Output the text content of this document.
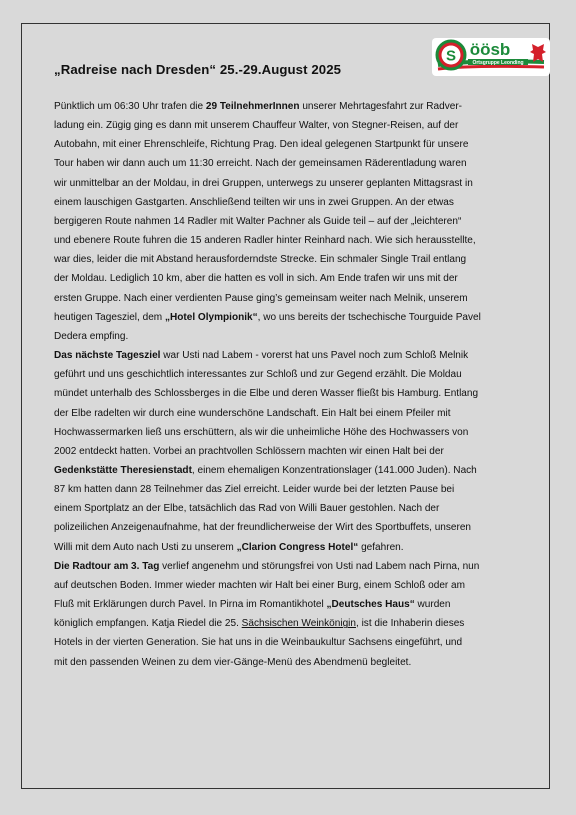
S öösb
Ortsgruppe Leonding
„Radreise nach Dresden“ 25.-29.August 2025

Pünktlich um 06:30 Uhr trafen die 29 TeilnehmerInnen unserer Mehrtagesfahrt zur Radver-
ladung ein. Zügig ging es dann mit unserem Chauffeur Walter, von Stegner-Reisen, auf der
Autobahn, mit einer Ehrenschleife, Richtung Prag. Den ideal gelegenen Startpunkt für unsere
Tour haben wir dann auch um 11:30 erreicht. Nach der gemeinsamen Räderentladung waren
wir unmittelbar an der Moldau, in drei Gruppen, unterwegs zu unserer geplanten Mittagsrast in
einem lauschigen Gastgarten. Anschließend teilten wir uns in zwei Gruppen. An der etwas
bergigeren Route nahmen 14 Radler mit Walter Pachner als Guide teil – auf der „leichteren“
und ebenere Route fuhren die 15 anderen Radler hinter Reinhard nach. Wie sich herausstellte,
war dies, leider die mit Abstand herausforderndste Strecke. Ein schmaler Single Trail entlang
der Moldau. Lediglich 10 km, aber die hatten es voll in sich. Am Ende trafen wir uns mit der
ersten Gruppe. Nach einer verdienten Pause ging’s gemeinsam weiter nach Melnik, unserem
heutigen Tagesziel, dem „Hotel Olympionik“, wo uns bereits der tschechische Tourguide Pavel
Dedera empfing.

Das nächste Tagesziel war Usti nad Labem - vorerst hat uns Pavel noch zum Schloß Melnik
geführt und uns geschichtlich interessantes zur Schloß und zur Gegend erzählt. Die Moldau
mündet unterhalb des Schlossberges in die Elbe und deren Wasser fließt bis Hamburg. Entlang
der Elbe radelten wir durch eine wunderschöne Landschaft. Ein Halt bei einem Pfeiler mit
Hochwassermarken ließ uns erschüttern, als wir die unheimliche Höhe des Hochwassers von
2002 entdeckt hatten. Vorbei an prachtvollen Schlössern machten wir einen Halt bei der
Gedenkstätte Theresienstadt, einem ehemaligen Konzentrationslager (141.000 Juden). Nach
87 km hatten dann 28 Teilnehmer das Ziel erreicht. Leider wurde bei der letzten Pause bei
einem Sportplatz an der Elbe, tatsächlich das Rad von Willi Bauer gestohlen. Nach der
polizeilichen Anzeigenaufnahme, hat der freundlicherweise der Wirt des Sportbuffets, unseren
Willi mit dem Auto nach Usti zu unserem „Clarion Congress Hotel“ gefahren.

Die Radtour am 3. Tag verlief angenehm und störungsfrei von Usti nad Labem nach Pirna, nun
auf deutschen Boden. Immer wieder machten wir Halt bei einer Burg, einem Schloß oder am
Fluß mit Erklärungen durch Pavel. In Pirna im Romantikhotel „Deutsches Haus“ wurden
königlich empfangen. Katja Riedel die 25. Sächsischen Weinkönigin, ist die Inhaberin dieses
Hotels in der vierten Generation. Sie hat uns in die Weinbaukultur Sachsens eingeführt, und
mit den passenden Weinen zu dem vier-Gänge-Menü des Abendmenü begleitet.
